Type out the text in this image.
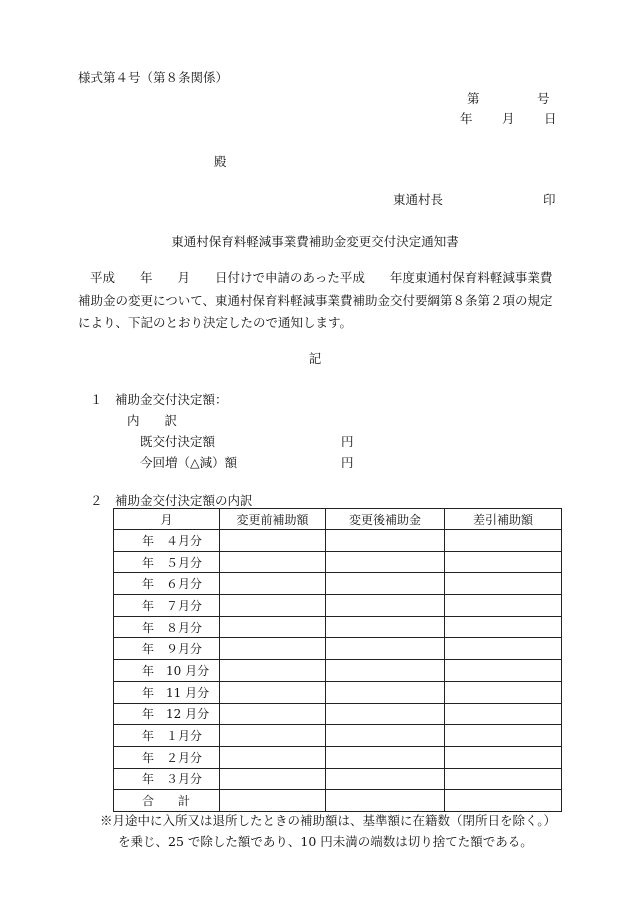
様式第４号（第８条関係）
第	号
年 月 日
殿
東通村長	印
東通村保育料軽減事業費補助金変更交付決定通知書

平成　　年　　月　　日付けで申請のあった平成　　年度東通村保育料軽減事業費

補助金の変更について、東通村保育料軽減事業費補助金交付要綱第８条第２項の規定

により、下記のとおり決定したので通知します。

記
１　補助金交付決定額：
内　　訳
既交付決定額	円
今回増（△減）額	円
２　補助金交付決定額の内訳
月	変更前補助額	変更後補助金	差引補助額
年　４月分			
年　５月分			
年　６月分			
年　７月分			
年　８月分			
年　９月分			
年　10 月分			
年　11 月分			
年　12 月分			
年　１月分			
年　２月分			
年　３月分			
合　　計			

※月途中に入所又は退所したときの補助額は、基準額に在籍数（閉所日を除く。）

を乗じ、25 で除した額であり、10 円未満の端数は切り捨てた額である。
